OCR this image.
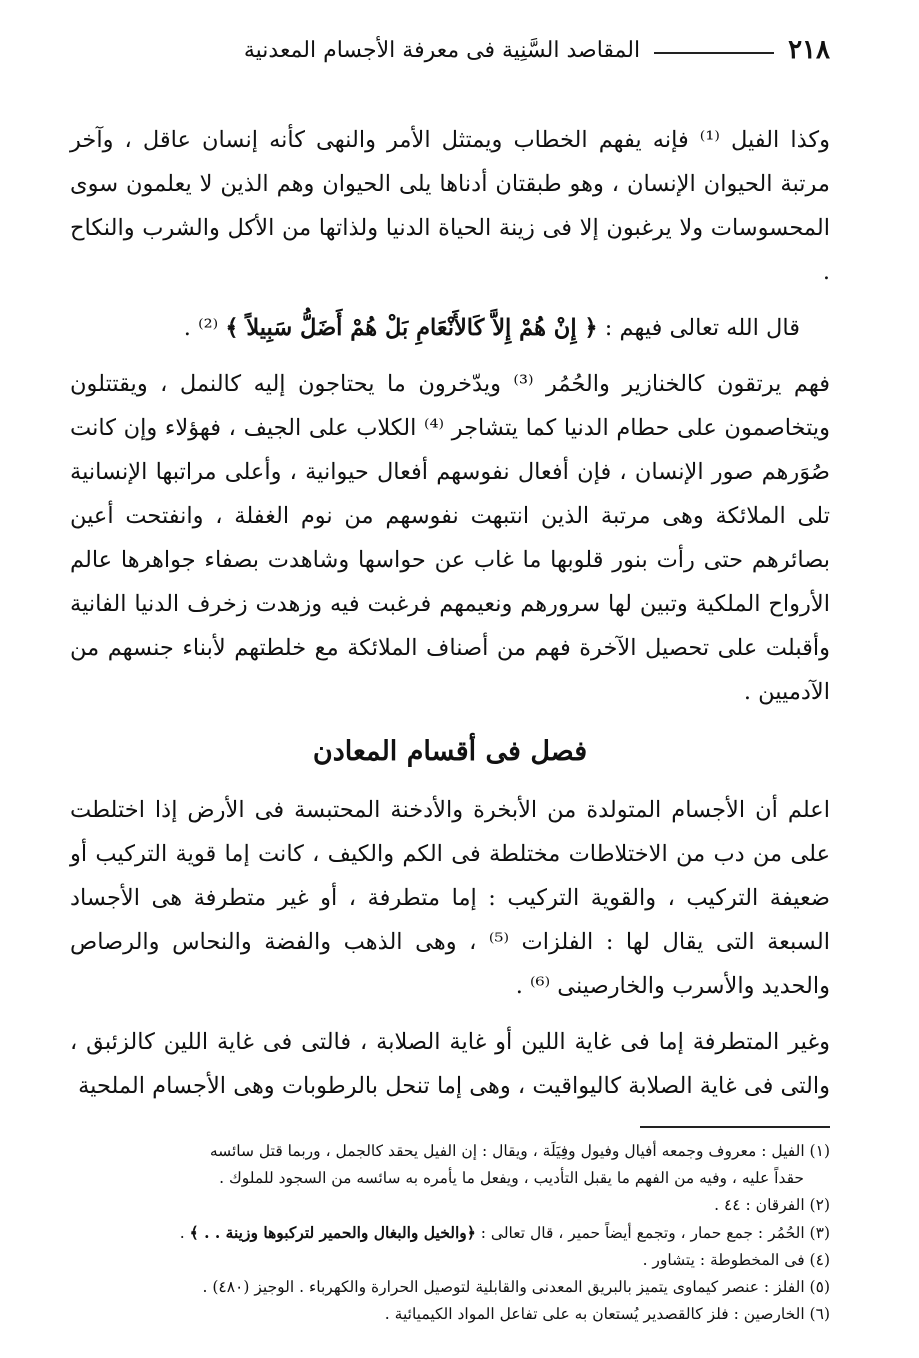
٢١٨
المقاصد السَّنِية فى معرفة الأجسام المعدنية

وكذا الفيل ⁽¹⁾ فإنه يفهم الخطاب ويمتثل الأمر والنهى كأنه إنسان عاقل ، وآخر مرتبة الحيوان الإنسان ، وهو طبقتان أدناها يلى الحيوان وهم الذين لا يعلمون سوى المحسوسات ولا يرغبون إلا فى زينة الحياة الدنيا ولذاتها من الأكل والشرب والنكاح .

قال الله تعالى فيهم : ﴿ إِنْ هُمْ إِلاَّ كَالأَنْعَامِ بَلْ هُمْ أَضَلُّ سَبِيلاً ﴾ ⁽²⁾ .

فهم يرتقون كالخنازير والحُمُر ⁽³⁾ ويدّخرون ما يحتاجون إليه كالنمل ، ويقتتلون ويتخاصمون على حطام الدنيا كما يتشاجر ⁽⁴⁾ الكلاب على الجيف ، فهؤلاء وإن كانت صُوَرهم صور الإنسان ، فإن أفعال نفوسهم أفعال حيوانية ، وأعلى مراتبها الإنسانية تلى الملائكة وهى مرتبة الذين انتبهت نفوسهم من نوم الغفلة ، وانفتحت أعين بصائرهم حتى رأت بنور قلوبها ما غاب عن حواسها وشاهدت بصفاء جواهرها عالم الأرواح الملكية وتبين لها سرورهم ونعيمهم فرغبت فيه وزهدت زخرف الدنيا الفانية وأقبلت على تحصيل الآخرة فهم من أصناف الملائكة مع خلطتهم لأبناء جنسهم من الآدميين .

فصل فى أقسام المعادن

اعلم أن الأجسام المتولدة من الأبخرة والأدخنة المحتبسة فى الأرض إذا اختلطت على من دب من الاختلاطات مختلطة فى الكم والكيف ، كانت إما قوية التركيب أو ضعيفة التركيب ، والقوية التركيب : إما متطرفة ، أو غير متطرفة هى الأجساد السبعة التى يقال لها : الفلزات ⁽⁵⁾ ، وهى الذهب والفضة والنحاس والرصاص والحديد والأسرب والخارصينى ⁽⁶⁾ .

وغير المتطرفة إما فى غاية اللين أو غاية الصلابة ، فالتى فى غاية اللين كالزئبق ، والتى فى غاية الصلابة كاليواقيت ، وهى إما تنحل بالرطوبات وهى الأجسام الملحية

(١) الفيل : معروف وجمعه أفيال وفيول وفِيَلَة ، ويقال : إن الفيل يحقد كالجمل ، وربما قتل سائسه
حقداً عليه ، وفيه من الفهم ما يقبل التأديب ، ويفعل ما يأمره به سائسه من السجود للملوك .
(٢) الفرقان : ٤٤ .
(٣) الحُمُر : جمع حمار ، وتجمع أيضاً حمير ، قال تعالى : ﴿والخيل والبغال والحمير لتركبوها وزينة . . ﴾ .
(٤) فى المخطوطة : يتشاور .
(٥) الفلز : عنصر كيماوى يتميز بالبريق المعدنى والقابلية لتوصيل الحرارة والكهرباء . الوجيز (٤٨٠) .
(٦) الخارصين : فلز كالقصدير يُستعان به على تفاعل المواد الكيميائية .
